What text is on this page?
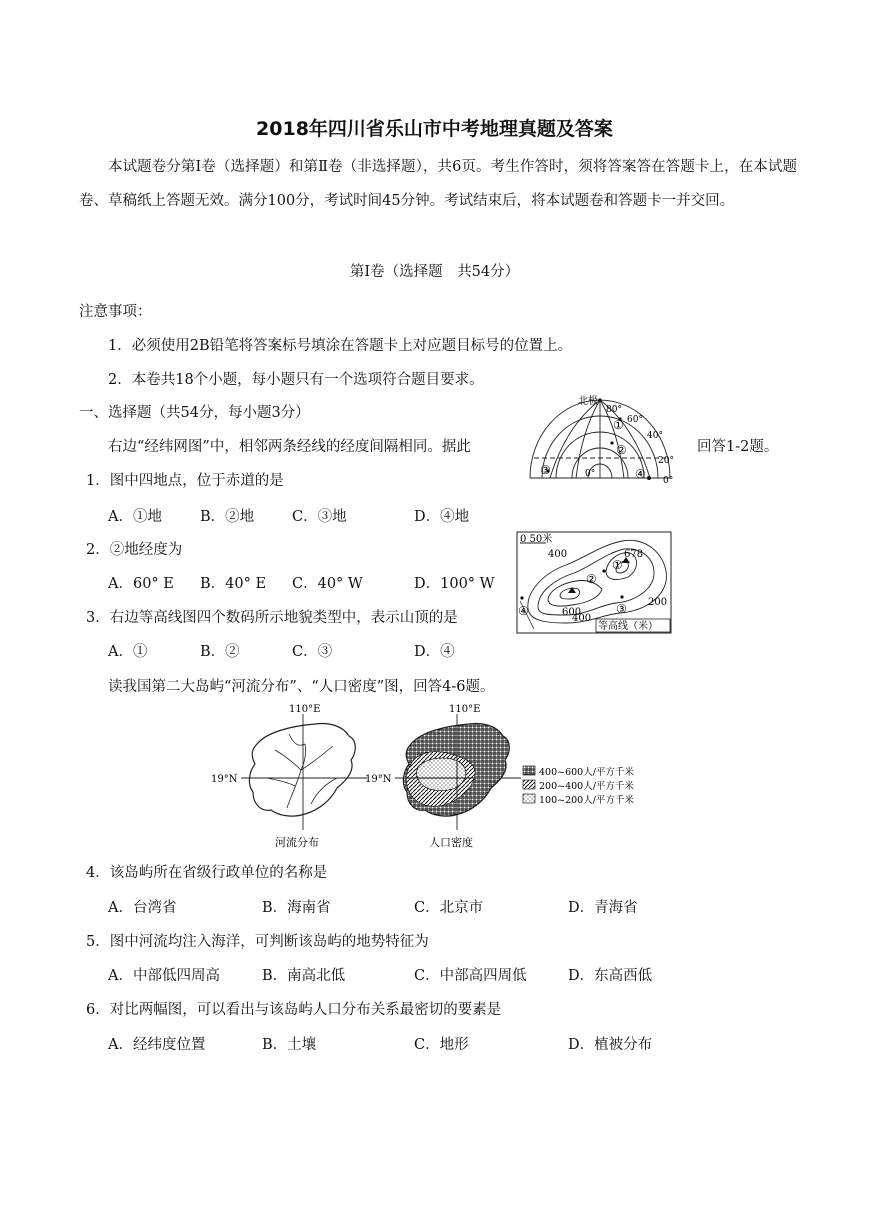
2018年四川省乐山市中考地理真题及答案
本试题卷分第Ⅰ卷（选择题）和第Ⅱ卷（非选择题），共6页。考生作答时，须将答案答在答题卡上，在本试题卷、草稿纸上答题无效。满分100分，考试时间45分钟。考试结束后，将本试题卷和答题卡一并交回。
第Ⅰ卷（选择题　共54分）
注意事项：
1．必须使用2B铅笔将答案标号填涂在答题卡上对应题目标号的位置上。
2．本卷共18个小题，每小题只有一个选项符合题目要求。
一、选择题（共54分，每小题3分）
右边“经纬网图”中，相邻两条经线的经度间隔相同。据此	回答1-2题。
1．图中四地点，位于赤道的是
A．①地	B．②地	C．③地	D．④地
2．②地经度为
A．60° E B．40° E C．40° W	D．100° W
3．右边等高线图四个数码所示地貌类型中，表示山顶的是
A．①	B．②	C．③	D．④
读我国第二大岛屿“河流分布”、“人口密度”图，回答4-6题。
4．该岛屿所在省级行政单位的名称是
A．台湾省	B．海南省	C．北京市	D．青海省
5．图中河流均注入海洋，可判断该岛屿的地势特征为
A．中部低四周高	B．南高北低	C．中部高四周低	D．东高西低
6．对比两幅图，可以看出与该岛屿人口分布关系最密切的要素是
A．经纬度位置	B．土壤	C．地形	D．植被分布
北极
80°
60°
40°
20°
0°
0°
①
②
③	④
0 50米
400	678
600
200
400
①
②
③
④
等高线（米）
110°E
19°N
河流分布
110°E
19°N
人口密度
400~600人/平方千米
200~400人/平方千米
100~200人/平方千米
